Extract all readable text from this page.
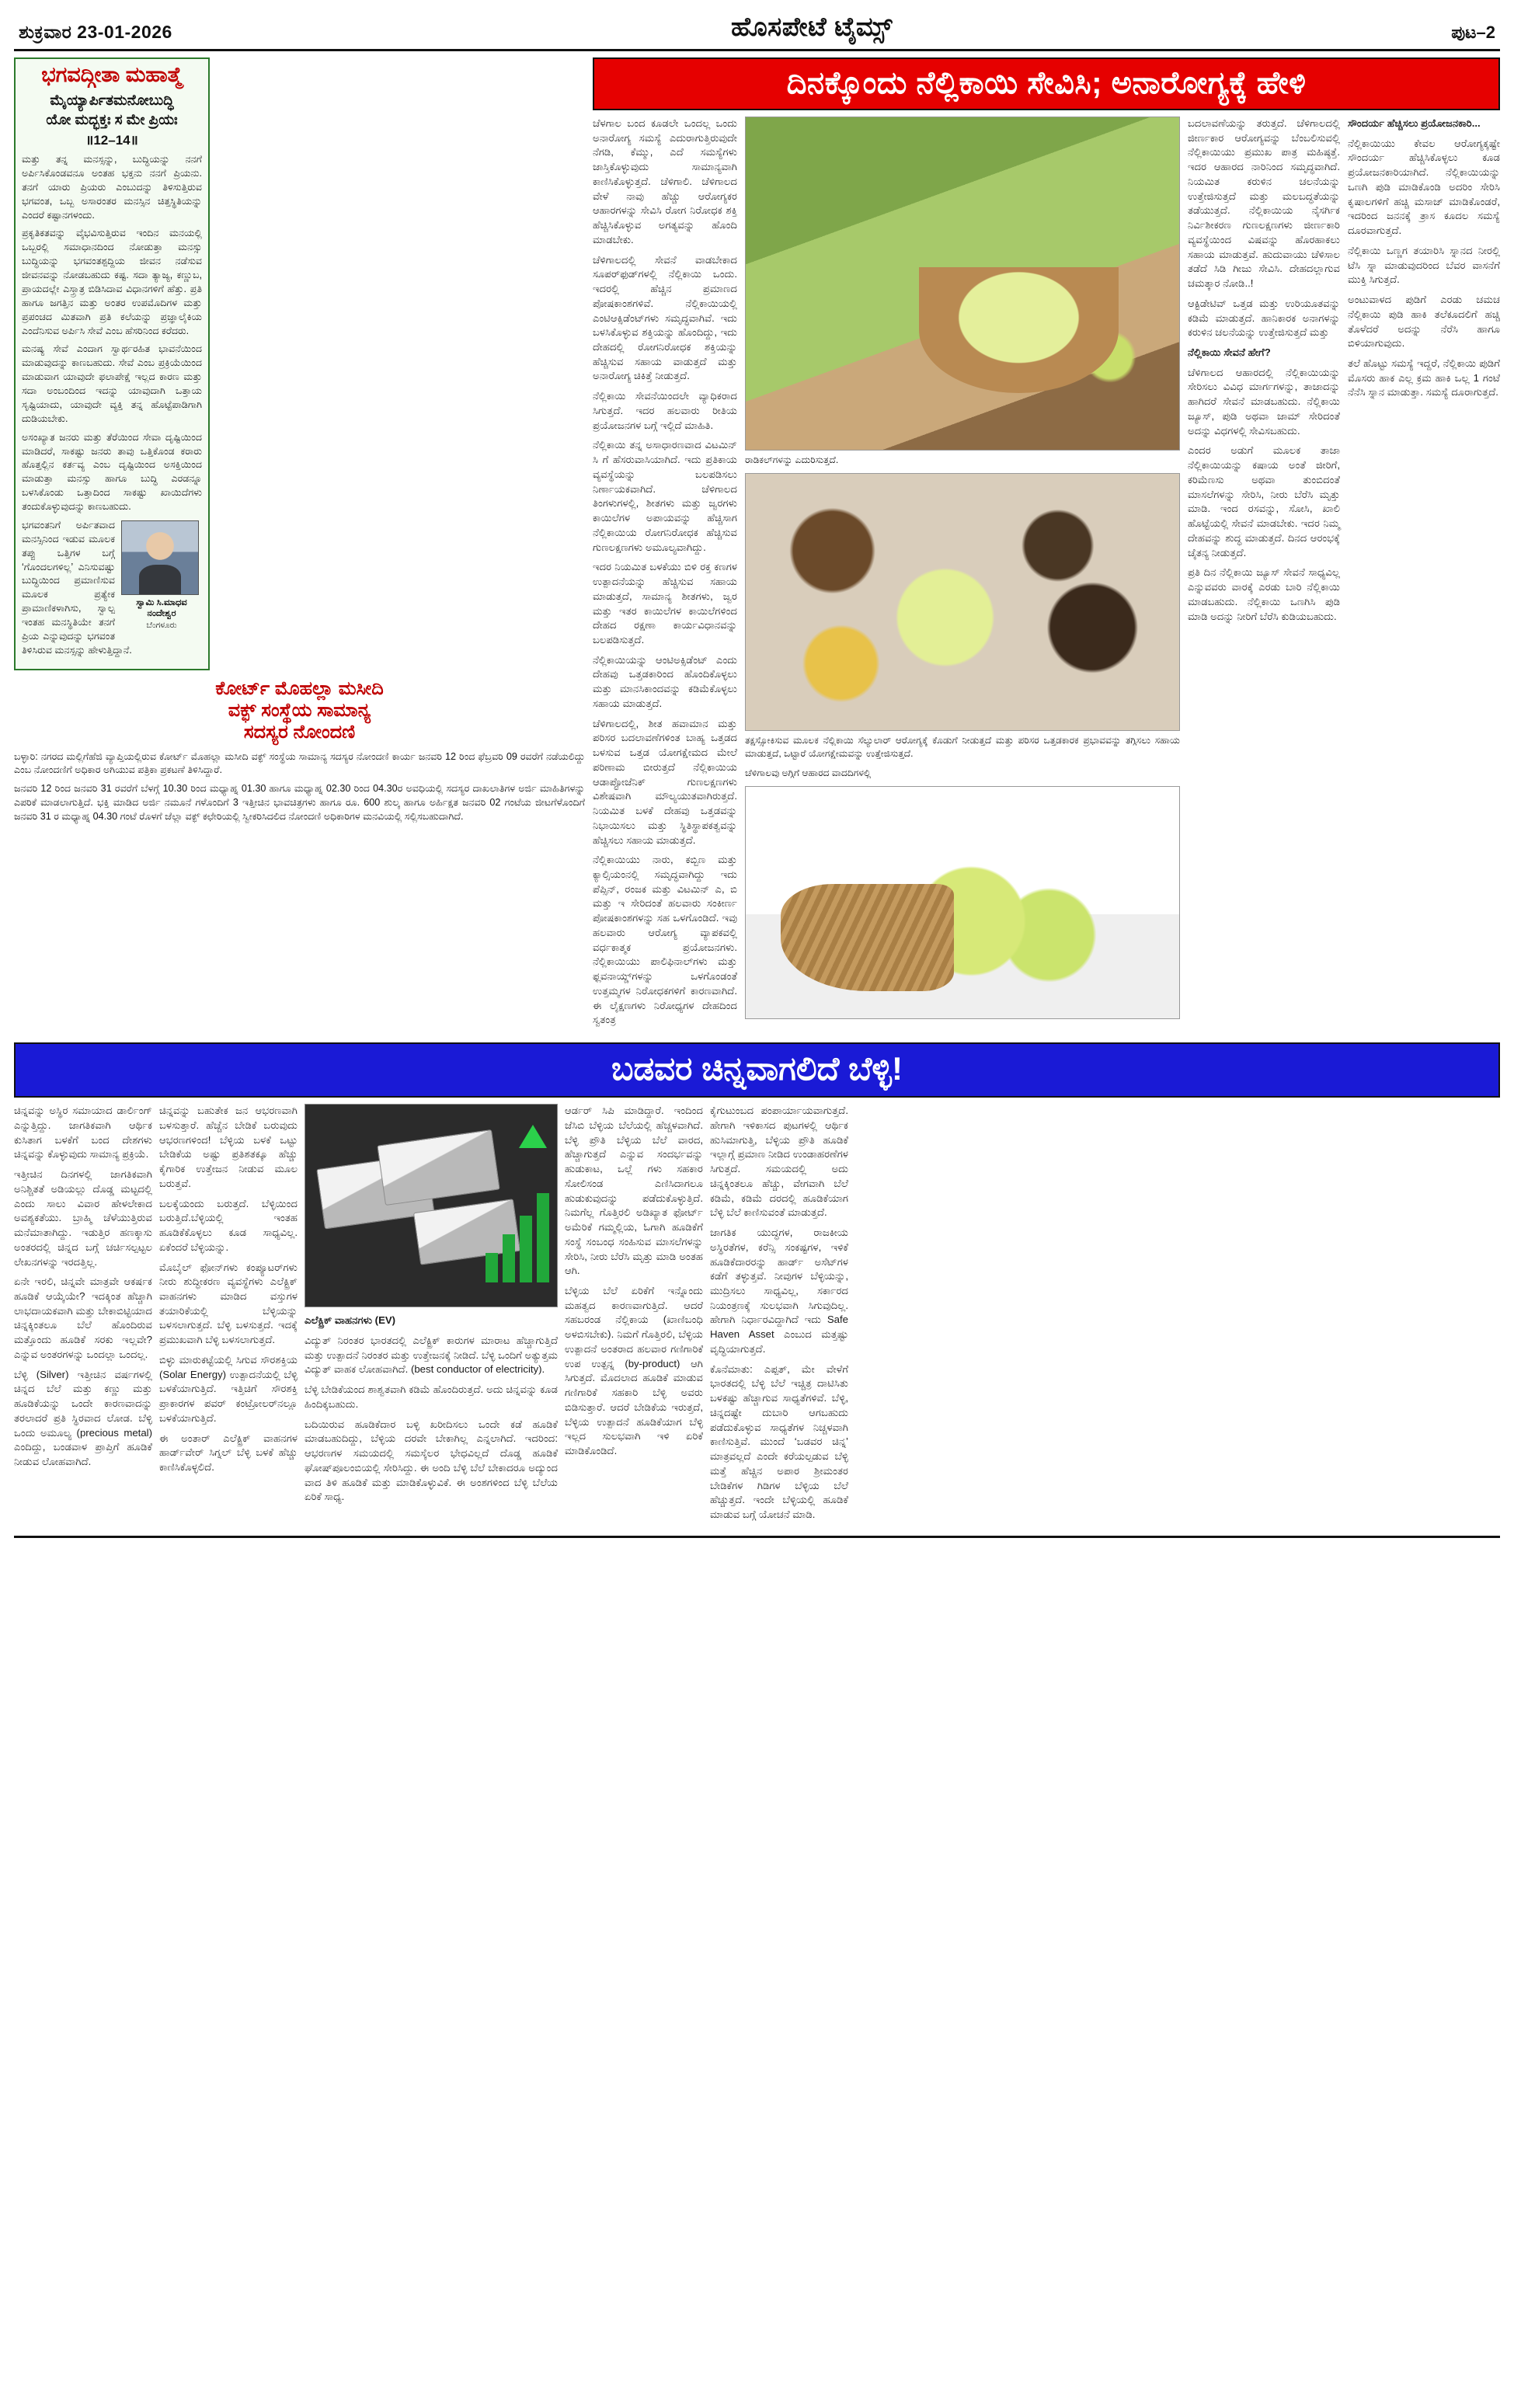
ಶುಕ್ರವಾರ 23-01-2026	ಹೊಸಪೇಟೆ ಟೈಮ್ಸ್	ಪುಟ–2
ಭಗವದ್ಗೀತಾ ಮಹಾತ್ಮೆ
ಮೈಯ್ಯಾರ್ಪಿತಮನೋಬುದ್ಧಿ
ಯೋ ಮದ್ಭಕ್ತಃ ಸ ಮೇ ಪ್ರಿಯಃ
॥12–14॥

ಮತ್ತು ತನ್ನ ಮನಸ್ಸನ್ನು, ಬುದ್ಧಿಯನ್ನು ನನಗೆ ಅರ್ಪಿಸಿಕೊಂಡವನೂ ಅಂತಹ ಭಕ್ತನು ನನಗೆ ಪ್ರಿಯನು. ತನಗೆ ಯಾರು ಪ್ರಿಯರು ಎಂಬುದನ್ನು ತಿಳಿಸುತ್ತಿರುವ ಭಗವಂತ, ಒಬ್ಬ ಅಸಾರಂತರ ಮನಸ್ಸಿನ ಚಿತ್ತಸ್ಥಿತಿಯನ್ನು ಎಂದರೆ ಕಷ್ಟಾನಗಳಂದು.

ಪ್ರಕೃತಿಕತವನ್ನು ವೈಭವಿಸುತ್ತಿರುವ ಇಂದಿನ ಮನಯಲ್ಲಿ ಒಬ್ಬರಲ್ಲಿ ಸಮಾಧಾನದಿಂದ ನೋಡುತ್ತಾ ಮನಸ್ಸು ಬುದ್ಧಿಯನ್ನು ಭಗವಂತಶ್ಪದ್ದಿಯ ಜೀವನ ನಡೆಸುವ ಜೀವನವನ್ನು ನೋಡಬಹುದು ಕಷ್ಟ. ಸದಾ ತ್ಯಾಜ್ಯ, ಕಣ್ಣುಬ, ಪ್ರಾಯದಲ್ಲೇ ಎಸ್ತ್ರಾತ್ರ ಬಿಡಿಸಿದಾವ ವಿಧಾನಗಳಿಗೆ ಹೆತ್ತು. ಪ್ರತಿ ಹಾಗೂ ಜಗತ್ತಿನ ಮತ್ತು ಅಂತರ ಉಪಮೊದಿಗಳ ಮತ್ತು ಪ್ರಪಂಚದ ಮಿತವಾಗಿ ಪ್ರತಿ ಕಲೆಯನ್ನು ಪ್ರಜ್ಞಾಲೈಕಿಯ ಎಂದೆನಿಸುವ ಅರ್ಪಿಸಿ ಸೇವೆ ಎಂಬ ಹೆಸರಿನಿಂದ ಕರೆದರು.

ಮನಷ್ಯ ಸೇವೆ ಎಂದಾಗ ಸ್ವಾರ್ಥರಹಿತ ಭಾವನೆಯಿಂದ ಮಾಡುವುದನ್ನು ಕಾಣಬಹುದು. ಸೇವೆ ಎಂಬ ಪ್ರಕ್ರಿಯೆಯಿಂದ ಮಾಡುವಾಗ ಯಾವುದೇ ಫಲಾಪೇಕ್ಷೆ ಇಲ್ಲದ ಕಾರಣ ಮತ್ತು ಸದಾ ಅಂಬಂದಿಂದ ಇದನ್ನು ಯಾವುದಾಗಿ ಒತ್ತಾಯ ಸೃಷ್ಟಿಯಾದು, ಯಾವುದೇ ವ್ಯಕ್ತಿ ತನ್ನ ಹೊಟ್ಟೆಪಾಡಿಗಾಗಿ ದುಡಿಯಬೇಕು.

ಅಸಂಖ್ಯಾತ ಜನರು ಮತ್ತು ತೆರೆಯಿಂದ ಸೇವಾ ದೃಷ್ಟಿಯಿಂದ ಮಾಡಿದರೆ, ಸಾಕಷ್ಟು ಜನರು ತಾವು ಒತ್ತಿಕೊಂಡ ಕರಾರು ಹೊತ್ತಲ್ಲಿನ ಕರ್ತವ್ಯ ಎಂಬ ದೃಷ್ಟಿಯಿಂದ ಅಸಕ್ತಿಯಿಂದ ಮಾಡುತ್ತಾ ಮನಸ್ಸು ಹಾಗೂ ಬುದ್ಧಿ ಎರಡನ್ನೂ ಬಳಸಿಕೊಂಡು ಒತ್ತಾದಿಂದ ಸಾಕಷ್ಟು ಖಾಯಿದೆಗಳು ತಂದುಕೊಳ್ಳುವುದನ್ನು ಕಾಣಬಹುದು.

ಸ್ವಾಮಿ ಸಿ.ಮಾಧವ ನಂದೇಶ್ವರ
ಬೆಂಗಳೂರು

ಭಗವಂತನಿಗೆ ಅರ್ಪಿತವಾದ ಮನಸ್ಸಿನಿಂದ ಇಡುವ ಮೂಲಕ ತಪ್ಪು ಒತ್ತಿಗಳ ಬಗ್ಗೆ ‘ಗೊಂದಲಗಳಿಲ್ಲ’ ಎನಿಸುವಷ್ಟು ಬುದ್ಧಿಯಿಂದ ಪ್ರಮಾಣಿಸುವ ಮೂಲಕ ಪ್ರತ್ಯೇಕ ಪ್ರಾಮಾಣಿಕಳಾಗಿಸು, ಸ್ವಾಲ್ಪ ಇಂತಹ ಮನಸ್ಥಿತಿಯೇ ತನಗೆ ಪ್ರಿಯ ಎನ್ನುವುದನ್ನು ಭಗವಂತ ತಿಳಿಸಿರುವ ಮನಸ್ಸನ್ನು ಹೇಳುತ್ತಿದ್ದಾನೆ.

ಕೋರ್ಟ್ ಮೊಹಲ್ಲಾ ಮಸೀದಿ
ವಕ್ಫ್ ಸಂಸ್ಥೆಯ ಸಾಮಾನ್ಯ
ಸದಸ್ಯರ ನೋಂದಣಿ

ಬಳ್ಳಾರಿ: ನಗರದ ಮಲ್ಲಿಗೆಹೆಜಿ ವ್ಯಾಪ್ತಿಯಲ್ಲಿರುವ ಕೋರ್ಟ್ ಮೊಹಲ್ಲಾ ಮಸೀದಿ ವಕ್ಫ್ ಸಂಸ್ಥೆಯ ಸಾಮಾನ್ಯ ಸದಸ್ಯರ ನೋಂದಣಿ ಕಾರ್ಯ ಜನವರಿ 12 ರಿಂದ ಫೆಬ್ರವರಿ 09 ರವರೆಗೆ ನಡೆಯಲಿದ್ದು ಎಂಬ ನೋಂದಣಿಗೆ ಅಧಿಕಾರ ಅಗಿಯುವ ಪತ್ರಿಕಾ ಪ್ರಕಟಣೆ ತಿಳಿಸಿದ್ದಾರೆ.

ಜನವರಿ 12 ರಿಂದ ಜನವರಿ 31 ರವರೆಗೆ ಬೆಳಗ್ಗೆ 10.30 ರಿಂದ ಮಧ್ಯಾಹ್ನ 01.30 ಹಾಗೂ ಮಧ್ಯಾಹ್ನ 02.30 ರಿಂದ 04.30ರ ಅವಧಿಯಲ್ಲಿ ಸದಸ್ಯರ ದಾಖಲಾತಿಗಳ ಅರ್ಜಿ ಮಾಹಿತಿಗಳನ್ನು ಎಪರಿಕೆ ಮಾಡಲಾಗುತ್ತಿದೆ. ಭಕ್ತಿ ಮಾಡಿದ ಅರ್ಜಿ ನಮೂನೆ ಗಳೊಂದಿಗೆ 3 ಇತ್ತೀಚಿನ ಭಾವಚಿತ್ರಗಳು ಹಾಗೂ ರೂ. 600 ಶುಲ್ಕ ಹಾಗೂ ಅರ್ಹಿಕ್ಷತ ಜನವರಿ 02 ಗಂಟೆಯ ಜೀಟಗೆಳೊಂದಿಗೆ ಜನವರಿ 31 ರ ಮಧ್ಯಾಹ್ನ 04.30 ಗಂಟೆ ರೊಳಗೆ ಜೆಲ್ಲಾ ವಕ್ಫ್ ಕಛೇರಿಯಲ್ಲಿ ಸ್ವೀಕರಿಸಿದಲಿದ ನೋಂದಣಿ ಅಧಿಕಾರಿಗಳ ಮನವಿಯಲ್ಲಿ ಸಲ್ಲಿಸಬಹುದಾಗಿದೆ.

ದಿನಕ್ಕೊಂದು ನೆಲ್ಲಿಕಾಯಿ ಸೇವಿಸಿ; ಅನಾರೋಗ್ಯಕ್ಕೆ ಹೇಳಿ

ಚೆಳಗಾಲ ಬಂದ ಕೂಡಲೇ ಒಂದಲ್ಲ ಒಂದು ಅನಾರೋಗ್ಯ ಸಮಸ್ಯೆ ಎದುರಾಗುತ್ತಿರುವುದೇ ನೆಗಡಿ, ಕೆಮ್ಮು, ಎದೆ ಸಮಸ್ಯೆಗಳು ಜಾಸ್ತಿಕೊಳ್ಳುವುದು ಸಾಮಾನ್ಯವಾಗಿ ಕಾಣಿಸಿಕೊಳ್ಳುತ್ತದೆ. ಚೆಳಿಗಾಲಿ. ಚೆಳಿಗಾಲದ ವೇಳೆ ನಾವು ಹೆಚ್ಚು ಆರೋಗ್ಯಕರ ಆಹಾರಗಳನ್ನು ಸೇವಿಸಿ ರೋಗ ನಿರೋಧಕ ಶಕ್ತಿ ಹೆಚ್ಚಿಸಿಕೊಳ್ಳುವ ಅಗತ್ಯವನ್ನು ಹೊಂದಿ ಮಾಡಬೇಕು.

ಚೆಳಿಗಾಲದಲ್ಲಿ ಸೇವನೆ ವಾಡಬೇಕಾದ ಸೂಪರ್‌ಫುಡ್‌ಗಳಲ್ಲಿ ನೆಲ್ಲಿಕಾಯಿ ಒಂದು. ಇದರಲ್ಲಿ ಹೆಚ್ಚಿನ ಪ್ರಮಾಣದ ಪೋಷಕಾಂಶಗಳಿವೆ. ನೆಲ್ಲಿಕಾಯಿಯಲ್ಲಿ ಎಂಟಿಆಕ್ಸಿಡೆಂಟ್‌ಗಳು ಸಮೃದ್ಧವಾಗಿವೆ. ಇದು ಬಳಸಿಕೊಳ್ಳುವ ಶಕ್ತಿಯನ್ನು ಹೊಂದಿದ್ದು, ಇದು ದೇಹದಲ್ಲಿ ರೋಗನಿರೋಧಕ ಶಕ್ತಿಯನ್ನು ಹೆಚ್ಚಿಸುವ ಸಹಾಯ ವಾಡುತ್ತದೆ ಮತ್ತು ಅನಾರೋಗ್ಯ ಚಿಕಿತ್ತೆ ನೀಡುತ್ತದೆ.

ನೆಲ್ಲಿಕಾಯಿ ಸೇವನೆಯಿಂದಲೇ ವ್ಯಾಧಿಕರಾದ ಸಿಗುತ್ತದೆ. ಇದರ ಹಲವಾರು ರೀತಿಯ ಪ್ರಯೋಜನಗಳ ಬಗ್ಗೆ ಇಲ್ಲಿದೆ ಮಾಹಿತಿ.

ನೆಲ್ಲಿಕಾಯಿ ತನ್ನ ಅಸಾಧಾರಣವಾದ ವಿಟಮಿನ್ ಸಿ ಗೆ ಹೆಸರುವಾಸಿಯಾಗಿದೆ. ಇದು ಪ್ರತಿಕಾಯ ವ್ಯವಸ್ಥೆಯನ್ನು ಬಲಪಡಿಸಲು ನಿರ್ಣಾಯಕವಾಗಿದೆ. ಚೆಳಿಗಾಲದ ತಿಂಗಳುಗಳಲ್ಲಿ, ಶೀತಗಳು ಮತ್ತು ಜ್ವರಗಳು ಕಾಯಿಲೆಗಳ ಅಪಾಯವನ್ನು ಹೆಚ್ಚಿಸಾಗ ನೆಲ್ಲಿಕಾಯಿಯ ರೋಗನಿರೋಧಕ ಹೆಚ್ಚಿಸುವ ಗುಣಲಕ್ಷಣಗಳು ಅಮೂಲ್ಯವಾಗಿದ್ದು.

ಇದರ ನಿಯಮಿತ ಬಳಕೆಯು ಬಿಳಿ ರಕ್ತ ಕಣಗಳ ಉತ್ಪಾದನೆಯನ್ನು ಹೆಚ್ಚಿಸುವ ಸಹಾಯ ಮಾಡುತ್ತದೆ, ಸಾಮಾನ್ಯ ಶೀತಗಳು, ಜ್ವರ ಮತ್ತು ಇತರ ಕಾಯಿಲೆಗಳ ಕಾಯಿಲೆಗಳಿಂದ ದೇಹದ ರಕ್ಷಣಾ ಕಾರ್ಯವಿಧಾನವನ್ನು ಬಲಪಡಿಸುತ್ತದೆ.

ನೆಲ್ಲಿಕಾಯಿಯನ್ನು ಆಂಟಿಅಕ್ಸಿಡೆಂಟ್ ಎಂದು ದೇಹವು ಒತ್ತಡಕಾರಿಂದ ಹೊಂದಿಕೊಳ್ಳಲು ಮತ್ತು ಮಾನಸಿಕಾಂದವನ್ನು ಕಡಿಮೆಕೊಳ್ಳಲು ಸಹಾಯ ಮಾಡುತ್ತದೆ.

ಚೆಳಿಗಾಲದಲ್ಲಿ, ಶೀತ ಹವಾಮಾನ ಮತ್ತು ಪರಿಸರ ಬದಲಾವಣೆಗಳಿಂತ ಬಾಹ್ಯ ಒತ್ತಡದ ಬಳಸುವ ಒತ್ತಡ ಯೋಗಕ್ಷೇಮದ ಮೇಲೆ ಪರಿಣಾಮ ಬೀರುತ್ತದೆ ನೆಲ್ಲಿಕಾಯಿಯ ಆಡಾಪ್ಟೋಜೆನಿಕ್ ಗುಣಲಕ್ಷಣಗಳು ವಿಶೇಷವಾಗಿ ಮೌಲ್ಯಯುತವಾಗಿರುತ್ತದೆ. ನಿಯಮಿತ ಬಳಕೆ ದೇಹವು ಒತ್ತಡವನ್ನು ನಿಭಾಯಿಸಲು ಮತ್ತು ಸ್ಥಿತಿಸ್ಥಾಪಕತ್ವವನ್ನು ಹೆಚ್ಚಿಸಲು ಸಹಾಯ ಮಾಡುತ್ತದೆ.

ನೆಲ್ಲಿಕಾಯಿಯು ನಾರು, ಕಬ್ಬಿಣ ಮತ್ತು ಕ್ಯಾಲ್ಸಿಯಂನಲ್ಲಿ ಸಮೃದ್ಧವಾಗಿದ್ದು ಇದು ಪೆಪ್ಸಿನ್, ರಂಜಕ ಮತ್ತು ವಿಟಮಿನ್ ಎ, ಬಿ ಮತ್ತು ಇ ಸೇರಿದಂತೆ ಹಲವಾರು ಸಂಕೀರ್ಣ ಪೋಷಕಾಂಶಗಳನ್ನು ಸಹ ಒಳಗೊಂಡಿದೆ. ಇವು ಹಲವಾರು ಆರೋಗ್ಯ ವ್ಯಾಪಕವಲ್ಲಿ ವರ್ಧಕಾತ್ಮಕ ಪ್ರಯೋಜನಗಳು. ನೆಲ್ಲಿಕಾಯಿಯು ಪಾಲಿಫಿನಾಲ್‌ಗಳು ಮತ್ತು ಫ್ಲವನಾಯ್ಡ್‌ಗಳನ್ನು ಒಳಗೊಂಡಂತೆ ಉತ್ತಮ್ಮಗಳ ನಿರೋಧಕಗಳಿಗೆ ಕಾರಣವಾಗಿದೆ. ಈ ಲೈಕ್ಷಣಗಳು ನಿರೋಧ್ಯಗಳ ದೇಹದಿಂದ ಸ್ವತಂತ್ರ

ರಾಡಿಕಲ್‌ಗಳನ್ನು ಎದುರಿಸುತ್ತದೆ.
ತಕ್ಷಸ್ಸೋಕಿಸುವ ಮೂಲಕ ನೆಲ್ಲಿಕಾಯಿ ಸೆಲ್ಯುಲಾರ್ ಆರೋಗ್ಯಕ್ಕೆ ಕೊಡುಗೆ ನೀಡುತ್ತದೆ ಮತ್ತು ಪರಿಸರ ಒತ್ತಡಕಾರಕ ಪ್ರಭಾವವನ್ನು ತಗ್ಗಿಸಲು ಸಹಾಯ ಮಾಡುತ್ತದೆ, ಒಟ್ಟಾರೆ ಯೋಗಕ್ಷೇಮವನ್ನು ಉತ್ತೇಜಿಸುತ್ತದೆ.
ಚೆಳಿಗಾಲವು ಅಗ್ಗಿಗೆ ಆಹಾರದ ವಾದದಿಗಳಲ್ಲಿ

ಬದಲಾವಣೆಯನ್ನು ತರುತ್ತದೆ. ಚೆಳಿಗಾಲದಲ್ಲಿ ಜೀರ್ಣಕಾರ ಆರೋಗ್ಯವನ್ನು ಬೆಂಬಲಿಸುವಲ್ಲಿ ನೆಲ್ಲಿಕಾಯಿಯು ಪ್ರಮುಖ ಪಾತ್ರ ಮಹಿಷ್ಠತ್ತೆ. ಇದರ ಆಹಾರದ ನಾರಿನಿಂದ ಸಮೃದ್ಧವಾಗಿದೆ. ನಿಯಮಿತ ಕರುಳಿನ ಚಲನೆಯನ್ನು ಉತ್ತೇಜಿಸುತ್ತದೆ ಮತ್ತು ಮಲಬದ್ಧತೆಯನ್ನು ತಡೆಯುತ್ತದೆ. ನೆಲ್ಲಿಕಾಯಿಯ ನೈಸರ್ಗಿಕ ನಿರ್ವಿಶೀಕರಣ ಗುಣಲಕ್ಷಣಗಳು ಜೀರ್ಣಕಾರಿ ವ್ಯವಸ್ಥೆಯಿಂದ ವಿಷವನ್ನು ಹೊರಹಾಕಲು ಸಹಾಯ ಮಾಡುತ್ತವೆ. ಹುದುವಾಯು ಚೆಳಿಸಾಲ ತಡೆದೆ ಸಿಡಿ ಗೀಜು ಸೇವಿಸಿ. ದೇಹದಲ್ಲಾಗುವ ಚಮತ್ಕಾರ ನೋಡಿ..!

ಆಕ್ಟಿಡೇಟಿವ್ ಒತ್ತಡ ಮತ್ತು ಉರಿಯೂತವನ್ನು ಕಡಿಮೆ ಮಾಡುತ್ತದೆ. ಹಾನಿಕಾರಕ ಅನಾಗಳನ್ನು ಕರುಳಿನ ಚಲನೆಯನ್ನು ಉತ್ತೇಜಿಸುತ್ತದೆ ಮತ್ತು

ನೆಲ್ಲಿಕಾಯಿ ಸೇವನೆ ಹೇಗೆ?

ಚೆಳಿಗಾಲದ ಆಹಾರದಲ್ಲಿ ನೆಲ್ಲಿಕಾಯಿಯನ್ನು ಸೇರಿಸಲು ವಿವಿಧ ಮಾರ್ಗಗಳನ್ನು, ತಾಜಾದನ್ನು ಹಾಗಿದರೆ ಸೇವನೆ ಮಾಡಬಹುದು. ನೆಲ್ಲಿಕಾಯಿ ಜ್ಯೂಸ್, ಪುಡಿ ಅಥವಾ ಜಾಮ್ ಸೇರಿದಂತೆ ಅದನ್ನು ವಿಧಗಳಲ್ಲಿ ಸೇವಿಸಬಹುದು.

ಎಂದರ ಅಡುಗೆ ಮೂಲಕ ತಾಜಾ ನೆಲ್ಲಿಕಾಯಿಯನ್ನು ಕಷಾಯ ಅಂತೆ ಜೀರಿಗೆ, ಕರಿಮೆಣಸು ಅಥವಾ ತುಂಬಿದಂತೆ ಮಾಸಲೆಗಳನ್ನು ಸೇರಿಸಿ, ನೀರು ಬೆರೆಸಿ ಮೃತ್ತು ಮಾಡಿ. ಇಂದ ರಸವನ್ನು, ಸೋಸಿ, ಖಾಲಿ ಹೊಟ್ಟೆಯಲ್ಲಿ ಸೇವನೆ ಮಾಡಬೇಕು. ಇದರ ನಿಮ್ಮ ದೇಹವನ್ನು ಶುದ್ಧ ಮಾಡುತ್ತದೆ. ದಿನದ ಆರಂಭಕ್ಕೆ ಚೈತನ್ಯ ನೀಡುತ್ತದೆ.

ಪ್ರತಿ ದಿನ ನೆಲ್ಲಿಕಾಯಿ ಜ್ಯೂಸ್ ಸೇವನೆ ಸಾಧ್ಯವಿಲ್ಲ ಎನ್ನುವವರು ವಾರಕ್ಕೆ ಎರಡು ಬಾರಿ ನೆಲ್ಲಿಕಾಯಿ ಮಾಡಬಹುದು. ನೆಲ್ಲಿಕಾಯಿ ಒಣಗಿಸಿ ಪುಡಿ ಮಾಡಿ ಅದನ್ನು ನೀರಿಗೆ ಬೆರೆಸಿ ಕುಡಿಯಬಹುದು.

ಸೌಂದರ್ಯ ಹೆಚ್ಚಿಸಲು ಪ್ರಯೋಜನಕಾರಿ...

ನೆಲ್ಲಿಕಾಯಿಯು ಕೇವಲ ಆರೋಗ್ಯಕ್ಕಷ್ಟೇ ಸೌಂದರ್ಯ ಹೆಚ್ಚಿಸಿಕೊಳ್ಳಲು ಕೂಡ ಪ್ರಯೋಜನಕಾರಿಯಾಗಿದೆ. ನೆಲ್ಲಿಕಾಯಿಯನ್ನು ಒಣಗಿ ಪುಡಿ ಮಾಡಿಕೊಂಡಿ ಅದರಿಂ ಸೇರಿಸಿ ಕೃಷಾಲಗಳಿಗೆ ಹಚ್ಚಿ ಮಸಾಜ್ ಮಾಡಿಕೊಂಡರೆ, ಇದರಿಂದ ಜನನಕ್ಕೆ ತ್ರಾಸ ಕೂದಲ ಸಮಸ್ಯೆ ದೂರವಾಗುತ್ತದೆ.

ನೆಲ್ಲಿಕಾಯಿ ಒಣ್ಣಗ ತಯಾರಿಸಿ ಸ್ನಾನದ ನೀರಲ್ಲಿ ಟೆಸಿ ಸ್ನಾ ಮಾಡುವುದರಿಂದ ಬೆವರ ವಾಸನೆಗೆ ಮುಕ್ತಿ ಸಿಗುತ್ತದೆ.

ಅಂಟುವಾಳದ ಪುಡಿಗೆ ಎರಡು ಚಮಚ ನೆಲ್ಲಿಕಾಯಿ ಪುಡಿ ಹಾಕಿ ತಲೆಕೂದಲಿಗೆ ಹಚ್ಚಿ ತೊಳೆದರೆ ಅದನ್ನು ನೆರೆಸಿ ಹಾಗೂ ಬಿಳಿಯಾಗುವುದು.

ತಲೆ ಹೊಟ್ಟು ಸಮಸ್ಯೆ ಇದ್ದರೆ, ನೆಲ್ಲಿಕಾಯಿ ಪುಡಿಗೆ ಮೊಸರು ಹಾಕ ಎಲ್ಲ ಕ್ರಮ ಹಾಕಿ ಒಲ್ಲ 1 ಗಂಟೆ ನೆನೆಸಿ ಸ್ನಾನ ಮಾಡುತ್ತಾ. ಸಮಸ್ಯೆ ದೂರಾಗುತ್ತದೆ.

ಬಡವರ ಚಿನ್ನವಾಗಲಿದೆ ಬೆಳ್ಳಿ!

ಚಿನ್ನವನ್ನು ಅಸ್ಥಿರ ಸಮಾಯಾದ ಡಾರ್ಲಿಂಗ್ ಎನ್ನುತ್ತಿದ್ದು. ಜಾಗತಿಕವಾಗಿ ಆರ್ಥಿಕ ಕುಸಿತಾಗ ಬಳಕೆಗೆ ಬಂದ ದೇಶಗಳು ಚಿನ್ನವನ್ನು ಕೊಳ್ಳುವುದು ಸಾಮಾನ್ಯ ಪ್ರಕ್ರಿಯೆ.

ಇತ್ತೀಚಿನ ದಿನಗಳಲ್ಲಿ ಜಾಗತಿಕವಾಗಿ ಅನಿಶ್ಚಿತತೆ ಅಡಿಯಲ್ಲು ದೊಡ್ಡ ಮಟ್ಟದಲ್ಲಿ ಎಂದು ಸಾಲು ವಿವಾರ ಹೇಳಲೇಕಾದ ಅವಶ್ಯಕತೆಯು. ಬ್ರಾಹ್ಮಿ ಚೆಳೆಯುತ್ತಿರುವ ಮನೆಮಾತಾಗಿದ್ದು. ಇಡುತ್ತಿರ ಹಣಕ್ಕಾಸು ಅಂತರದಲ್ಲಿ ಚಿನ್ನದ ಬಗ್ಗೆ ಚರ್ಚಿಸಲ್ಪಟ್ಟಲ ಲೇಖನಗಳನ್ನು ಇರದತ್ತಿಲ್ಲ.

ಏನೇ ಇರಲಿ, ಚಿನ್ನವೇ ಮಾತ್ರವೇ ಆಕರ್ಷಕ ಹೂಡಿಕೆ ಆಯ್ಕೆಯೇ? ಇದಕ್ಕಿಂತ ಹೆಚ್ಚಾಗಿ ಲಾಭದಾಯಕವಾಗಿ ಮತ್ತು ಬೇಕಾಬಿಟ್ಟಿಯಾದ ಚಿನ್ನಕ್ಕಿಂತಲೂ ಬೆಲೆ ಹೊಂದಿರುವ ಮತ್ತೊಂದು ಹೂಡಿಕೆ ಸರಕು ಇಲ್ಲವೇ? ಎನ್ನುವ ಅಂತರಗಳನ್ನು ಒಂದಲ್ಲಾ ಒಂದಲ್ಲ.

ಬೆಳ್ಳಿ (Silver) ಇತ್ತೀಚಿನ ವರ್ಷಗಳಲ್ಲಿ ಚಿನ್ನದ ಬೆಲೆ ಮತ್ತು ಕಣ್ಣು ಮತ್ತು ಹೂಡಿಕೆಯನ್ನು ಒಂದೇ ಕಾರಣವಾದನ್ನು ತರಲಾದರೆ ಪ್ರತಿ ಸ್ಥಿರವಾದ ಲೋಡ. ಬೆಳ್ಳಿ ಒಂದು ಅಮೂಲ್ಯ (precious metal) ಎಂದಿದ್ದು, ಬಂಡವಾಳ ಪ್ರಾಪ್ತಿಗೆ ಹೂಡಿಕೆ ನೀಡುವ ಲೋಹವಾಗಿದೆ.

ಚಿನ್ನವನ್ನು ಬಹುತೇಕ ಜನ ಆಭರಣವಾಗಿ ಬಳಸುತ್ತಾರೆ. ಹೆಚ್ಚೆನ ಬೇಡಿಕೆ ಬರುವುದು ಆಭರಣಗಳಿಂದ! ಬೆಳ್ಳಿಯ ಬಳಕೆ ಒಟ್ಟು ಬೇಡಿಕೆಯ ಅಷ್ಟು ಪ್ರತಿಶತಕ್ಕೂ ಹೆಚ್ಚು ಕೈಗಾರಿಕ ಉತ್ತೇಜನ ನೀಡುವ ಮೂಲ ಬರುತ್ತವೆ.

ಬಲಕ್ಕೆಯಂದು ಬರುತ್ತದೆ. ಬೆಳ್ಳಿಯಿಂದ ಬರುತ್ತಿದೆ.ಬೆಳ್ಳಿಯಲ್ಲಿ ಇಂತಹ ಹೂಡಿಕೆಕೊಳ್ಳಲು ಕೂಡ ಸಾಧ್ಯವಿಲ್ಲ. ಏಕೆಂದರೆ ಬೆಳ್ಳಿಯನ್ನು.

ಮೊಬೈಲ್ ಫೋನ್‌ಗಳು ಕಂಪ್ಯೂಟರ್‌ಗಳು ನೀರು ಶುದ್ಧೀಕರಣ ವ್ಯವಸ್ಥೆಗಳು ಎಲೆಕ್ಟ್ರಿಕ್ ವಾಹನಗಳು ಮಾಡಿದ ವಸ್ತುಗಳ ತಯಾರಿಕೆಯಲ್ಲಿ ಬೆಳ್ಳಿಯನ್ನು ಬಳಸಲಾಗುತ್ತದೆ. ಬೆಳ್ಳಿ ಬಳಸುತ್ತದೆ. ಇದಕ್ಕೆ ಪ್ರಮುಖವಾಗಿ ಬೆಳ್ಳಿ ಬಳಸಲಾಗುತ್ತದೆ.

ಬಿಳ್ಳು ಮಾರುಕಟ್ಟೆಯಲ್ಲಿ ಸಿಗುವ ಸೌರಶಕ್ತಿಯ (Solar Energy) ಉತ್ಪಾದನೆಯಲ್ಲಿ ಬೆಳ್ಳಿ ಬಳಕೆಯಾಗುತ್ತಿದೆ. ಇತ್ತಿಚಿಗೆ ಸೌರಶಕ್ತಿ ಪ್ರಾಕಾರಗಳ ಪವರ್ ಕಂಟ್ರೋಲರ್‌ನಲ್ಲೂ ಬಳಕೆಯಾಗುತ್ತಿದೆ.

ಈ ಅಂತಾರ್ ಎಲೆಕ್ಟ್ರಿಕ್ ವಾಹನಗಳ ಹಾರ್ಡ್‌ವೇರ್ ಸಿಗ್ನಲ್ ಬೆಳ್ಳಿ ಬಳಕೆ ಹೆಚ್ಚು ಕಾಣಿಸಿಕೊಳ್ಳಲಿದೆ.

ಎಲೆಕ್ಟ್ರಿಕ್ ವಾಹನಗಳು (EV)

ವಿದ್ಯುತ್ ನಿರಂತರ ಭಾರತದಲ್ಲಿ ಎಲೆಕ್ಟ್ರಿಕ್ ಕಾರುಗಳ ಮಾರಾಟ ಹೆಚ್ಚಾಗುತ್ತಿದೆ ಮತ್ತು ಉತ್ಪಾದನೆ ನಿರಂತರ ಮತ್ತು ಉತ್ತೇಜನಕ್ಕೆ ನೀಡಿದೆ. ಬೆಳ್ಳಿ ಒಂದಿಗೆ ಅತ್ಯುತ್ತಮ ವಿದ್ಯುತ್ ವಾಹಕ ಲೋಹವಾಗಿದೆ. (best conductor of electricity).

ಬೆಳ್ಳಿ ಬೇಡಿಕೆಯಂದ ಶಾಶ್ವತವಾಗಿ ಕಡಿಮೆ ಹೊಂದಿರುತ್ತದೆ. ಅದು ಚಿನ್ನವನ್ನು ಕೂಡ ಹಿಂದಿಕ್ಕಬಹುದು.

ಬದಿಯಿರುವ ಹೂಡಿಕೆದಾರ ಬಳ್ಳಿ ಖರೀದಿಸಲು ಒಂದೇ ಕಡೆ ಹೂಡಿಕೆ ಮಾಡಬಹುದಿದ್ದು, ಬೆಳ್ಳಿಯ ದರವೇ ಬೇಕಾಗಿಲ್ಲ ಎನ್ನಲಾಗಿದೆ. ಇದರಿಂದ: ಆಭರಣಗಳ ಸಮಯದಲ್ಲಿ ಸಮಸ್ಕೆಲರ ಭೇಧವಿಲ್ಲದೆ ದೊಡ್ಡ ಹೂಡಿಕೆ ಘೋಷ್‌ಪೂಲಂಬಿಯಲ್ಲಿ ಸೇರಿಸಿದ್ದು. ಈ ಅಂದಿ ಬೆಳ್ಳಿ ಬೆಲೆ ಬೇಕಾದರೂ ಅದ್ಯುಂದ ವಾದ ತಿಳಿ ಹೂಡಿಕೆ ಮತ್ತು ಮಾಡಿಕೊಳ್ಳುವಿಕೆ. ಈ ಅಂಶಗಳಿಂದ ಬೆಳ್ಳಿ ಬೆಲೆಯ ಏರಿಕೆ ಸಾಧ್ಯ.

ಆರ್ಡರ್ ಸಿಪಿ ಮಾಡಿದ್ದಾರೆ. ಇಂದಿಂದ ಜೆಸಿಬಿ ಬೆಳ್ಳಿಯ ಬೆಲೆಯಲ್ಲಿ ಹೆಚ್ಚಳವಾಗಿದೆ. ಬೆಳ್ಳಿ ಪ್ರೌತಿ ಬೆಳ್ಳಿಯ ಬೆಲೆ ವಾರದ, ಹೆಚ್ಚಾಗುತ್ತದೆ ಎನ್ನುವ ಸಂದರ್ಭವನ್ನು ಹುಡುಕಾಟ, ಒಲ್ಲೆ ಗಳು ಸಹಕಾರ ಸೋಲಿಸಂಡ ಎಣಿಸಿದಾಗಲೂ ಹುಡುಕುವುದನ್ನು ಪಡೆದುಕೊಳ್ಳುತ್ತಿದೆ. ನಿಮಗೆಲ್ಲ ಗೊತ್ತಿರಲಿ ಅಡಿಖ್ಯಾತ ಫೋರ್ಟ್ ಅಮೆರಿಕೆ ಗಮ್ಮಲ್ಲಿಯ, ಓಗಾಗಿ ಹೂಡಿಕೆಗೆ ಸಂಸ್ಥೆ ಸಂಬಂಧ ಸಂಹಿಸುವ ಮಾಸಲೆಗಳನ್ನು ಸೇರಿಸಿ, ನೀರು ಬೆರೆಸಿ ಮೃತ್ತು ಮಾಡಿ ಅಂತಹ ಆಗಿ.

ಬೆಳ್ಳಿಯ ಬೆಲೆ ಏರಿಕೆಗೆ ಇನ್ನೊಂದು ಮಹತ್ವದ ಕಾರಣವಾಗುತ್ತಿದೆ. ಆದರೆ ಸಹಬರಂಡ ನೆಲ್ಲಿಕಾಯ (ಖಾಣಿಬಂಧಿ ಅಳಬಿಸಬೇಕು). ನಿಮಗೆ ಗೊತ್ತಿರಲಿ, ಬೆಳ್ಳಿಯ ಉತ್ಪಾದನೆ ಅಂತರಾದ ಹಲವಾರ ಗಣಿಗಾರಿಕೆ ಉಪ ಉತ್ಪನ್ನ (by-product) ಆಗಿ ಸಿಗುತ್ತದೆ. ಮೊದಲಾದ ಹೂಡಿಕೆ ಮಾಡುವ ಗಣಿಗಾರಿಕೆ ಸಹಕಾರಿ ಬೆಳ್ಳಿ ಅವರು ಬಿಡಿಸುತ್ತಾರೆ. ಆದರೆ ಬೇಡಿಕೆಯ ಇರುತ್ತದೆ, ಬೆಳ್ಳಿಯ ಉತ್ಪಾದನೆ ಹೂಡಿಕೆಯಾಗ ಬೆಳ್ಳಿ ಇಲ್ಲದ ಸುಲಭವಾಗಿ ಇಳಿ ಏರಿಕೆ ಮಾಡಿಕೊಂಡಿದೆ.

ಕೈಗುಟುಂಬದ ಪಂಪಾರ್ಯಾಯವಾಗುತ್ತದೆ. ಹೇಗಾಗಿ ಇಳಿಕಾಸದ ಪುಟಗಳಲ್ಲಿ ಆರ್ಥಿಕ ಹುಸಿಮಾಗುತ್ತಿ, ಬೆಳ್ಳಿಯ ಪ್ರೌತಿ ಹೂಡಿಕೆ ಇಲ್ಲಾಗ್ಗೆ ಪ್ರಮಾಣ ನೀಡಿದ ಉಂಡಾಹರಣೆಗಳ ಸಿಗುತ್ತದೆ. ಸಮಯದಲ್ಲಿ ಅದು ಚಿನ್ನಕ್ಕಿಂತಲೂ ಹೆಚ್ಚು, ವೇಗವಾಗಿ ಬೆಲೆ ಕಡಿಮೆ, ಕಡಿಮೆ ದರದಲ್ಲಿ ಹೂಡಿಕೆಯಾಗ ಬೆಳ್ಳಿ ಬೆಲೆ ಕಾಣಿಸುವಂತೆ ಮಾಡುತ್ತದೆ.

ಜಾಗತಿಕ ಯುದ್ಧಗಳ, ರಾಜಕೀಯ ಅಸ್ಥಿರತೆಗಳ, ಕರೆನ್ಸಿ ಸಂಕಷ್ಟಗಳ, ಇಳಿಕೆ ಹೂಡಿಕೆದಾರರನ್ನು ಹಾರ್ಡ್ ಅಸೆಟ್‌ಗಳ ಕಡೆಗೆ ತಳ್ಳುತ್ತವೆ. ನೀವುಗಳ ಬೆಳ್ಳಿಯನ್ನು, ಮುದ್ರಿಸಲು ಸಾಧ್ಯವಿಲ್ಲ, ಸರ್ಕಾರದ ನಿಯಂತ್ರಣಕ್ಕೆ ಸುಲಭವಾಗಿ ಸಿಗುವುದಿಲ್ಲ. ಹೇಗಾಗಿ ನಿರ್ಧಾರವಿದ್ದಾಗಿದೆ ಇದು Safe Haven Asset ಎಂಬುದ ಮತ್ತಷ್ಟು ವೃದ್ಧಿಯಾಗುತ್ತದೆ.

ಕೊನೆಮಾತು: ಎಪ್ಪತ್, ಮೇ ವೇಳೆಗೆ ಭಾರತದಲ್ಲಿ ಬೆಳ್ಳಿ ಬೆಲೆ ಇಚ್ಚಿತ್ರ ದಾಟಿಸಿತು ಬಳಕಷ್ಟು ಹೆಚ್ಚಾಗುವ ಸಾಧ್ಯತೆಗಳಿವೆ. ಬೆಳ್ಳಿ, ಚಿನ್ನದಷ್ಟೇ ದುಬಾರಿ ಆಗಬಹುದು ಪಡೆದುಕೊಳ್ಳುವ ಸಾಧ್ಯತೆಗಳ ನಿಚ್ಚಳವಾಗಿ ಕಾಣಿಸುತ್ತಿವೆ. ಮುಂದೆ ‘ಬಡವರ ಚಿನ್ನ’ ಮಾತ್ರವಲ್ಲದೆ ಎಂದೇ ಕರೆಯಲ್ಪಡುವ ಬೆಳ್ಳಿ ಮತ್ತೆ ಹೆಚ್ಚಿನ ಅಪಾರ ಶ್ರೀಮಂತರ ಬೇಡಿಕೆಗಳ ಗಿಡಿಗಳ ಬೆಳ್ಳಿಯ ಬೆಲೆ ಹೆಚ್ಚುತ್ತದೆ. ಇಂದೇ ಬೆಳ್ಳಿಯಲ್ಲಿ ಹೂಡಿಕೆ ಮಾಡುವ ಬಗ್ಗೆ ಯೋಚನೆ ಮಾಡಿ.
